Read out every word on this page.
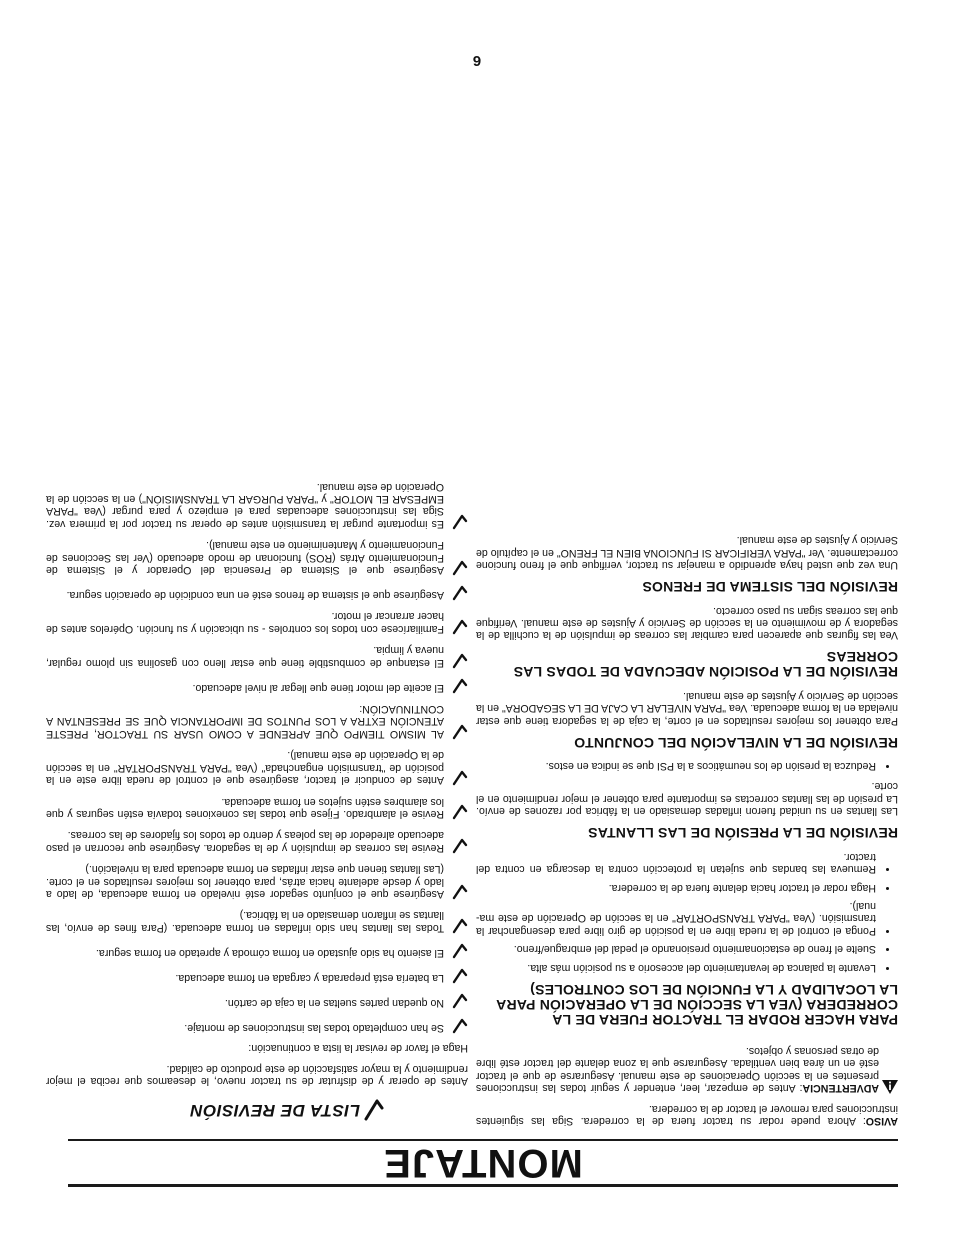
MONTAJE

AVISO: Ahora puede rodar su tractor fuera de la corredera. Siga las siguientes instrucciones para remover el tractor de la corredera.

ADVERTENCIA: Antes de empezar, leer, entender y seguir todas las instrucciones presentes en la sección Operaciones de este manual. Asegurarse de que el tractor esté en un área bien ventilada. Asegurarse que la zona delante del tractor esté libre de otras personas y objetos.

PARA HACER RODAR EL TRACTOR FUERA DE LA CORREDERA (VEA LA SECCIÓN DE LA OPERACIÓN PARA LA LOCALIDAD Y LA FUNCIÓN DE LOS CONTROLES)
• Levante la palanca de levantamiento del accesorio a su posición más alta.
• Suelte el freno de estacionamiento presionando el pedal del embrague/freno.
• Ponga el control de la rueda libre en la posición de giro libre para desenganchar la transmisión. (Vea "PARA TRANSPORTAR" en la sección de Operación de este manual).
• Haga rodar el tractor hacia delante fuera de la corredera.
• Remueva las bandas que sujetan la protección contra la descarga en contra del tractor.
REVISIÓN DE LA PRESIÓN DE LAS LLANTAS

Las llantas en su unidad fueron infladas demasiado en la fábrica por razones de envío. La presión de las llantas correctas es importante para obtener el mejor rendimiento en el corte.

• Reduzca la presión de los neumáticos a la PSI que se indica en estos.
REVISIÓN DE LA NIVELACIÓN DEL CONJUNTO

Para obtener los mejores resultados en el corte, la caja de la segadora tiene que estar nivelada en la forma adecuada. Vea "PARA NIVELAR LA CAJA DE LA SEGADORA" en la sección de Servicio y Ajustes de este manual.

REVISIÓN DE LA POSICIÓN ADECUADA DE TODAS LAS CORREAS

Vea las figuras que aparecen para cambiar las correas de impulsión de la cuchilla de la segadora y de movimiento en la sección de Servicio y Ajustes de este manual. Verifique que las correas sigan su paso correcto.

REVISIÓN DEL SISTEMA DE FRENOS

Una vez que usted haya aprendido a manejar su tractor, verifique que el freno funcione correctamente. Ver "PARA VERIFICAR SI FUNCIONA BIEN EL FRENO" en el capítulo de Servicio y Ajustes de este manual.

LISTA DE REVISIÓN

Antes de operar y de disfrutar de su tractor nuevo, le deseamos que reciba el mejor rendimiento y la mayor satisfacción de este producto de calidad.

Haga el favor de revisar la lista a continuación:

Se han completado todas las instrucciones de montaje.
No quedan partes sueltas en la caja de cartón.
La batería está preparada y cargada en forma adecuada.
El asiento ha sido ajustado en forma cómoda y apretado en forma segura.
Todas las llantas han sido infladas en forma adecuada. (Para fines de envío, las llantas se inflaron demasiado en la fábrica.)
Asegúrese que el conjunto segador esté nivelado en forma adecuada, de lado a lado y desde adelante hacia atrás, para obtener los mejores resultados en el corte. (Las llantas tienen que estar infladas en forma adecuada para la nivelación.)
Revise las correas de impulsión y de la segadora. Asegúrese que recorran el paso adecuado alrededor de las poleas y dentro de todos los fijadores de las correas.
Revise el alambrado. Fíjese que todas las conexiones todavía estén seguras y que los alambres estén sujetos en forma adecuada.
Antes de conducir el tractor, asegúrese que el control de rueda libre este en la posición de "transmisión enganchada" (Vea "PARA TRANSPORTAR" en la sección de la Operación de este manual).
AL MISMO TIEMPO QUE APRENDE A COMO USAR SU TRACTOR, PRESTE ATENCIÓN EXTRA A LOS PUNTOS DE IMPORTANCIA QUE SE PRESENTAN A CONTINUACIÓN:
El aceite del motor tiene que llegar al nivel adecuado.
El estanque de combustible tiene que estar lleno con gasolina sin plomo regular, nueva y limpia.
Familiarícese con todos los controles - su ubicación y su función. Opérelos antes de hacer arrancar el motor.
Asegúrese que el sistema de frenos esté en una condición de operación segura.
Asegúrese que el Sistema de Presencia del Operador y el Sistema de Funcionamiento Atrás (ROS) funcionan de modo adecuado (Ver las Secciones de Funcionamiento y Mantenimiento en este manual).
Es importante purgar la transmisión antes de operar su tractor por la primera vez. Siga las instrucciones adecuadas para el empiezo y para purgar (Vea "PARA EMPESAR EL MOTOR" y "PARA PURGAR LA TRANSMISIÓN") en la sección de la Operación de este manual.
6
